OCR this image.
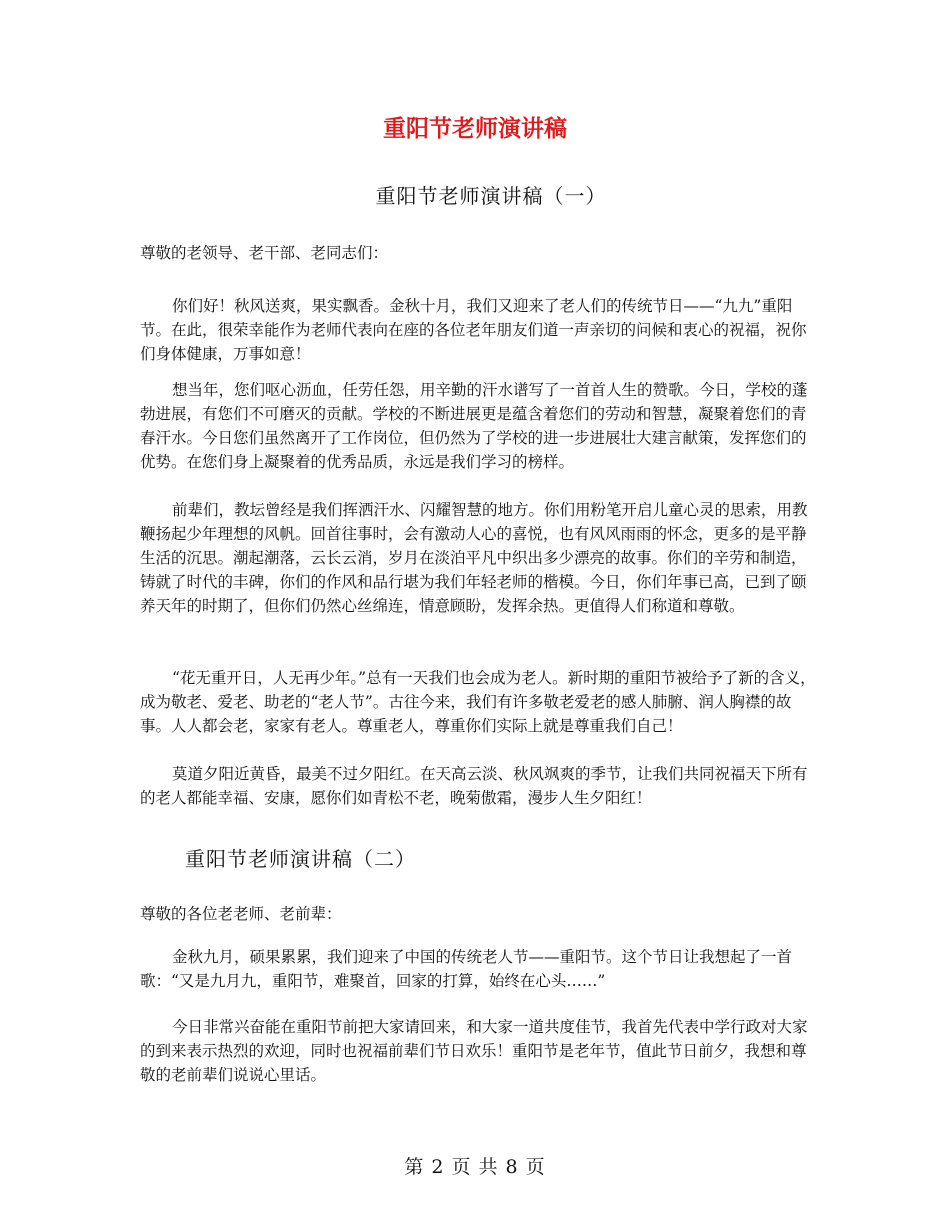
重阳节老师演讲稿
重阳节老师演讲稿（一）
尊敬的老领导、老干部、老同志们：
你们好！秋风送爽，果实飘香。金秋十月，我们又迎来了老人们的传统节日——“九九”重阳节。在此，很荣幸能作为老师代表向在座的各位老年朋友们道一声亲切的问候和衷心的祝福，祝你们身体健康，万事如意！
想当年，您们呕心沥血，任劳任怨，用辛勤的汗水谱写了一首首人生的赞歌。今日，学校的蓬勃进展，有您们不可磨灭的贡献。学校的不断进展更是蕴含着您们的劳动和智慧，凝聚着您们的青春汗水。今日您们虽然离开了工作岗位，但仍然为了学校的进一步进展壮大建言献策，发挥您们的优势。在您们身上凝聚着的优秀品质，永远是我们学习的榜样。
前辈们，教坛曾经是我们挥洒汗水、闪耀智慧的地方。你们用粉笔开启儿童心灵的思索，用教鞭扬起少年理想的风帆。回首往事时，会有激动人心的喜悦，也有风风雨雨的怀念，更多的是平静生活的沉思。潮起潮落，云长云消，岁月在淡泊平凡中织出多少漂亮的故事。你们的辛劳和制造，铸就了时代的丰碑，你们的作风和品行堪为我们年轻老师的楷模。今日，你们年事已高，已到了颐养天年的时期了，但你们仍然心丝绵连，情意顾盼，发挥余热。更值得人们称道和尊敬。
“花无重开日，人无再少年。”总有一天我们也会成为老人。新时期的重阳节被给予了新的含义，成为敬老、爱老、助老的“老人节”。古往今来，我们有许多敬老爱老的感人肺腑、润人胸襟的故事。人人都会老，家家有老人。尊重老人，尊重你们实际上就是尊重我们自己！
莫道夕阳近黄昏，最美不过夕阳红。在天高云淡、秋风飒爽的季节，让我们共同祝福天下所有的老人都能幸福、安康，愿你们如青松不老，晚菊傲霜，漫步人生夕阳红！
重阳节老师演讲稿（二）
尊敬的各位老老师、老前辈：
金秋九月，硕果累累，我们迎来了中国的传统老人节——重阳节。这个节日让我想起了一首歌：“又是九月九，重阳节，难聚首，回家的打算，始终在心头……”
今日非常兴奋能在重阳节前把大家请回来，和大家一道共度佳节，我首先代表中学行政对大家的到来表示热烈的欢迎，同时也祝福前辈们节日欢乐！重阳节是老年节，值此节日前夕，我想和尊敬的老前辈们说说心里话。
第 2 页 共 8 页
